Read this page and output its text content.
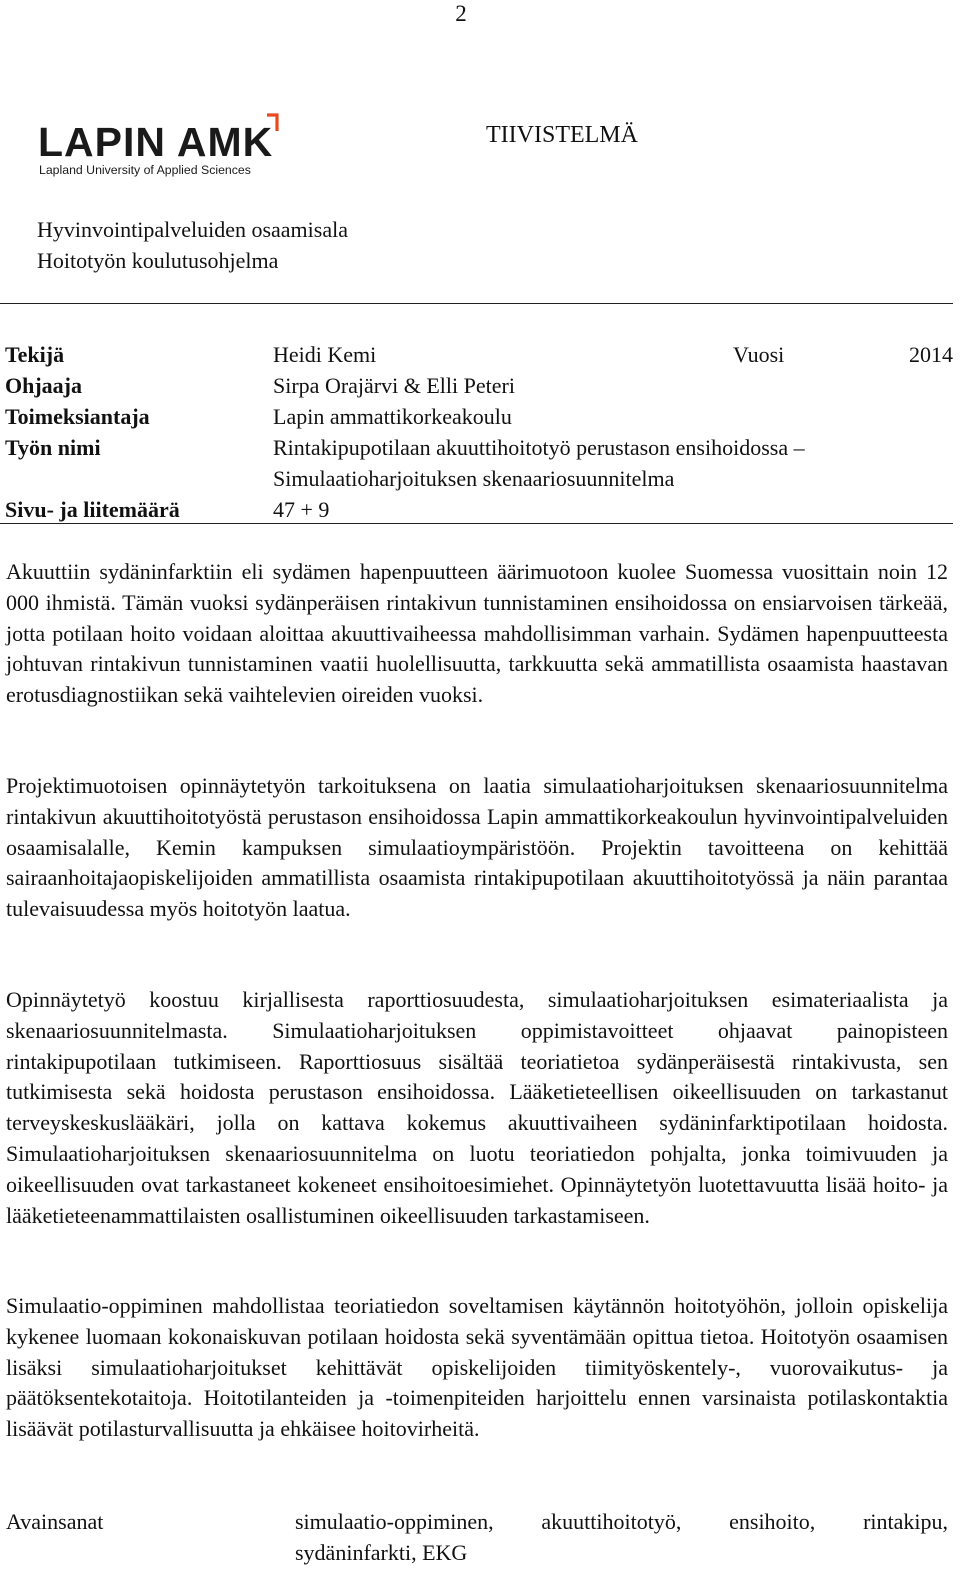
2
LAPIN AMK
Lapland University of Applied Sciences
TIIVISTELMÄ
Hyvinvointipalveluiden osaamisala
Hoitotyön koulutusohjelma
Tekijä	Heidi Kemi	Vuosi	2014
Ohjaaja	Sirpa Orajärvi & Elli Peteri		
Toimeksiantaja	Lapin ammattikorkeakoulu		
Työn nimi	Rintakipupotilaan akuuttihoitotyö perustason ensihoidossa –
Simulaatioharjoituksen skenaariosuunnitelma		

Sivu- ja liitemäärä	47 + 9		

Akuuttiin sydäninfarktiin eli sydämen hapenpuutteen äärimuotoon kuolee Suomessa vuosittain noin 12 000 ihmistä. Tämän vuoksi sydänperäisen rintakivun tunnistaminen ensihoidossa on ensiarvoisen tärkeää, jotta potilaan hoito voidaan aloittaa akuuttivaiheessa mahdollisimman varhain. Sydämen hapenpuutteesta johtuvan rintakivun tunnistaminen vaatii huolellisuutta, tarkkuutta sekä ammatillista osaamista haastavan erotusdiagnostiikan sekä vaihtelevien oireiden vuoksi.

Projektimuotoisen opinnäytetyön tarkoituksena on laatia simulaatioharjoituksen skenaariosuunnitelma rintakivun akuuttihoitotyöstä perustason ensihoidossa Lapin ammattikorkeakoulun hyvinvointipalveluiden osaamisalalle, Kemin kampuksen simulaatioympäristöön. Projektin tavoitteena on kehittää sairaanhoitajaopiskelijoiden ammatillista osaamista rintakipupotilaan akuuttihoitotyössä ja näin parantaa tulevaisuudessa myös hoitotyön laatua.

Opinnäytetyö koostuu kirjallisesta raporttiosuudesta, simulaatioharjoituksen esimateriaalista ja skenaariosuunnitelmasta. Simulaatioharjoituksen oppimistavoitteet ohjaavat painopisteen rintakipupotilaan tutkimiseen. Raporttiosuus sisältää teoriatietoa sydänperäisestä rintakivusta, sen tutkimisesta sekä hoidosta perustason ensihoidossa. Lääketieteellisen oikeellisuuden on tarkastanut terveyskeskuslääkäri, jolla on kattava kokemus akuuttivaiheen sydäninfarktipotilaan hoidosta. Simulaatioharjoituksen skenaariosuunnitelma on luotu teoriatiedon pohjalta, jonka toimivuuden ja oikeellisuuden ovat tarkastaneet kokeneet ensihoitoesimiehet. Opinnäytetyön luotettavuutta lisää hoito- ja lääketieteenammattilaisten osallistuminen oikeellisuuden tarkastamiseen.

Simulaatio-oppiminen mahdollistaa teoriatiedon soveltamisen käytännön hoitotyöhön, jolloin opiskelija kykenee luomaan kokonaiskuvan potilaan hoidosta sekä syventämään opittua tietoa. Hoitotyön osaamisen lisäksi simulaatioharjoitukset kehittävät opiskelijoiden tiimityöskentely-, vuorovaikutus- ja päätöksentekotaitoja. Hoitotilanteiden ja -toimenpiteiden harjoittelu ennen varsinaista potilaskontaktia lisäävät potilasturvallisuutta ja ehkäisee hoitovirheitä.

Avainsanat	simulaatio-oppiminen, akuuttihoitotyö, ensihoito, rintakipu, sydäninfarkti, EKG
